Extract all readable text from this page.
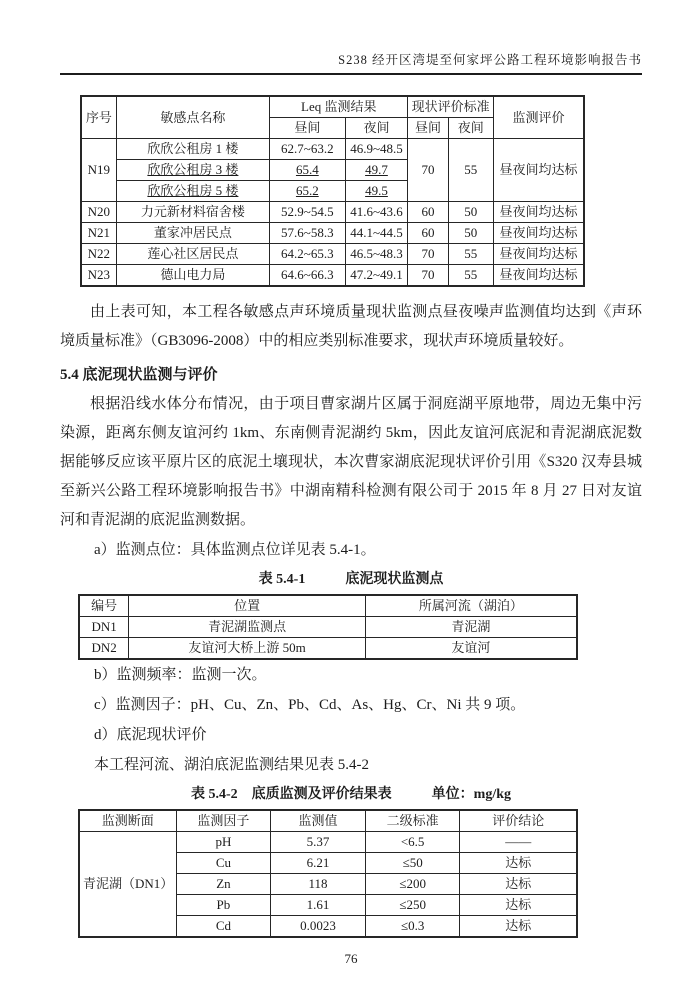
S238 经开区湾堤至何家坪公路工程环境影响报告书
序号	敏感点名称	Leq 监测结果		现状评价标准		监测评价
		昼间	夜间	昼间	夜间	
N19	欣欣公租房 1 楼	62.7~63.2	46.9~48.5	70	55	昼夜间均达标
	欣欣公租房 3 楼	65.4	49.7			
	欣欣公租房 5 楼	65.2	49.5			
N20	力元新材料宿舍楼	52.9~54.5	41.6~43.6	60	50	昼夜间均达标
N21	董家冲居民点	57.6~58.3	44.1~44.5	60	50	昼夜间均达标
N22	莲心社区居民点	64.2~65.3	46.5~48.3	70	55	昼夜间均达标
N23	德山电力局	64.6~66.3	47.2~49.1	70	55	昼夜间均达标

由上表可知，本工程各敏感点声环境质量现状监测点昼夜噪声监测值均达到《声环境质量标准》（GB3096-2008）中的相应类别标准要求，现状声环境质量较好。

5.4 底泥现状监测与评价

根据沿线水体分布情况，由于项目曹家湖片区属于洞庭湖平原地带，周边无集中污染源，距离东侧友谊河约 1km、东南侧青泥湖约 5km，因此友谊河底泥和青泥湖底泥数据能够反应该平原片区的底泥土壤现状，本次曹家湖底泥现状评价引用《S320 汉寿县城至新兴公路工程环境影响报告书》中湖南精科检测有限公司于 2015 年 8 月 27 日对友谊河和青泥湖的底泥监测数据。

a）监测点位：具体监测点位详见表 5.4-1。
表 5.4-1	底泥现状监测点
编号	位置	所属河流（湖泊）
DN1	青泥湖监测点	青泥湖
DN2	友谊河大桥上游 50m	友谊河
b）监测频率：监测一次。
c）监测因子：pH、Cu、Zn、Pb、Cd、As、Hg、Cr、Ni 共 9 项。
d）底泥现状评价
本工程河流、湖泊底泥监测结果见表 5.4-2
表 5.4-2 底质监测及评价结果表	单位：mg/kg
监测断面	监测因子	监测值	二级标准	评价结论
青泥湖（DN1）	pH	5.37	<6.5	——
	Cu	6.21	≤50	达标
	Zn	118	≤200	达标
	Pb	1.61	≤250	达标
	Cd	0.0023	≤0.3	达标
76
